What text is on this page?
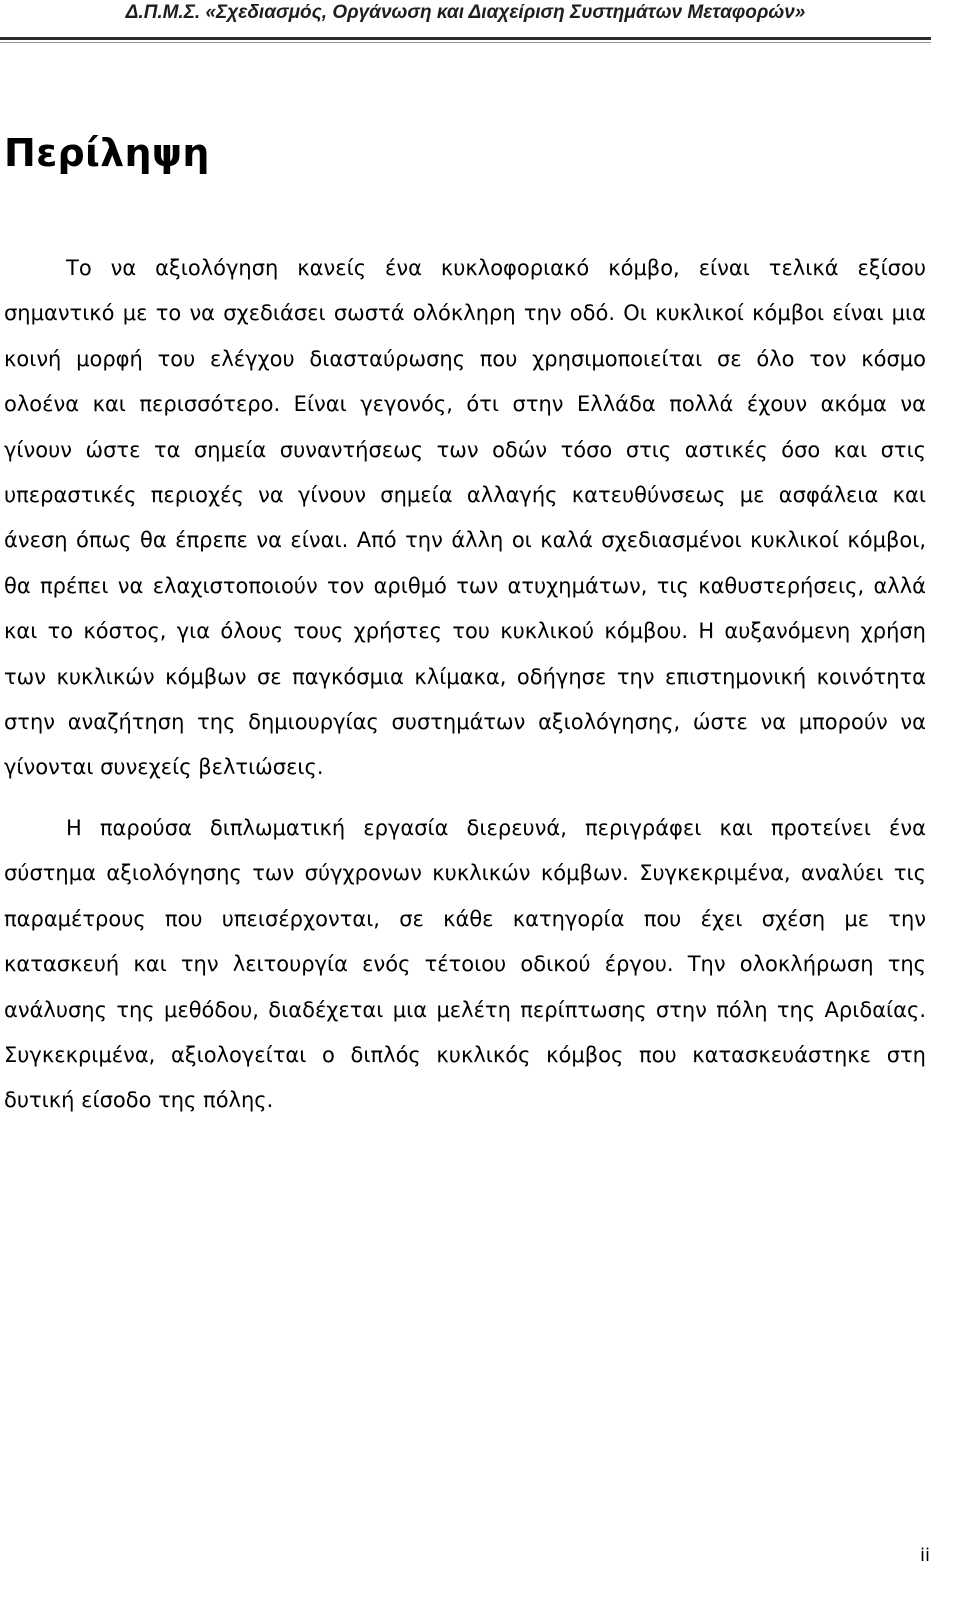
Δ.Π.Μ.Σ. «Σχεδιασμός, Οργάνωση και Διαχείριση Συστημάτων Μεταφορών»
Περίληψη
Το να αξιολόγηση κανείς ένα κυκλοφοριακό κόμβο, είναι τελικά εξίσου
σημαντικό με το να σχεδιάσει σωστά ολόκληρη την οδό. Οι κυκλικοί κόμβοι είναι μια
κοινή μορφή του ελέγχου διασταύρωσης που χρησιμοποιείται σε όλο τον κόσμο
ολοένα και περισσότερο. Είναι γεγονός, ότι στην Ελλάδα πολλά έχουν ακόμα να
γίνουν ώστε τα σημεία συναντήσεως των οδών τόσο στις αστικές όσο και στις
υπεραστικές περιοχές να γίνουν σημεία αλλαγής κατευθύνσεως με ασφάλεια και
άνεση όπως θα έπρεπε να είναι. Από την άλλη οι καλά σχεδιασμένοι κυκλικοί κόμβοι,
θα πρέπει να ελαχιστοποιούν τον αριθμό των ατυχημάτων, τις καθυστερήσεις, αλλά
και το κόστος, για όλους τους χρήστες του κυκλικού κόμβου. Η αυξανόμενη χρήση
των κυκλικών κόμβων σε παγκόσμια κλίμακα, οδήγησε την επιστημονική κοινότητα
στην αναζήτηση της δημιουργίας συστημάτων αξιολόγησης, ώστε να μπορούν να
γίνονται συνεχείς βελτιώσεις.
Η παρούσα διπλωματική εργασία διερευνά, περιγράφει και προτείνει ένα
σύστημα αξιολόγησης των σύγχρονων κυκλικών κόμβων. Συγκεκριμένα, αναλύει τις
παραμέτρους που υπεισέρχονται, σε κάθε κατηγορία που έχει σχέση με την
κατασκευή και την λειτουργία ενός τέτοιου οδικού έργου. Την ολοκλήρωση της
ανάλυσης της μεθόδου, διαδέχεται μια μελέτη περίπτωσης στην πόλη της Αριδαίας.
Συγκεκριμένα, αξιολογείται ο διπλός κυκλικός κόμβος που κατασκευάστηκε στη
δυτική είσοδο της πόλης.
ii
